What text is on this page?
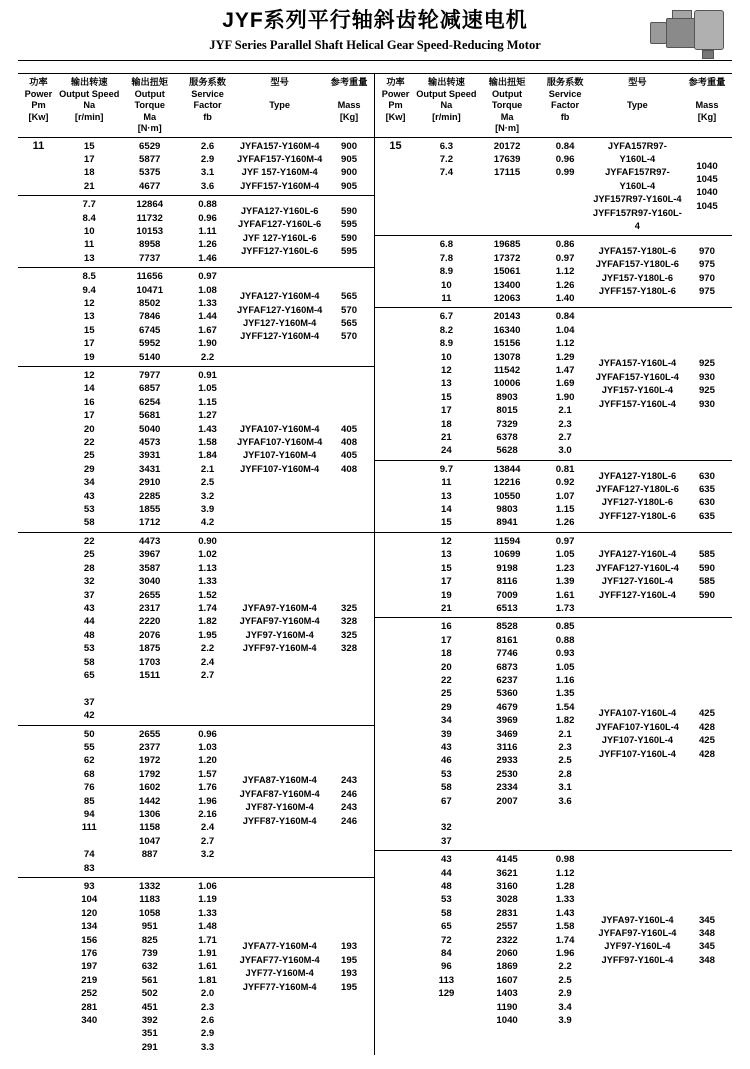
JYF系列平行轴斜齿轮减速电机
JYF Series Parallel Shaft Helical Gear Speed-Reducing Motor
功率
Power
Pm
[Kw]
输出转速
Output Speed
Na
[r/min]
输出扭矩
Output Torque
Ma
[N·m]
服务系数
Service Factor
fb
型号
Type
参考重量
Mass
[Kg]
11	15
17
18
21
6529
5877
5375
4677
2.6
2.9
3.1
3.6
JYFA157-Y160M-4
JYFAF157-Y160M-4
JYF 157-Y160M-4
JYFF157-Y160M-4
900
905
900
905
7.7
8.4
10
11
13
12864
11732
10153
8958
7737
0.88
0.96
1.11
1.26
1.46
JYFA127-Y160L-6
JYFAF127-Y160L-6
JYF 127-Y160L-6
JYFF127-Y160L-6
590
595
590
595
8.5
9.4
12
13
15
17
19
11656
10471
8502
7846
6745
5952
5140
0.97
1.08
1.33
1.44
1.67
1.90
2.2
JYFA127-Y160M-4
JYFAF127-Y160M-4
JYF127-Y160M-4
JYFF127-Y160M-4
565
570
565
570
12
14
16
17
20
22
25
29
34
43
53
58
7977
6857
6254
5681
5040
4573
3931
3431
2910
2285
1855
1712
0.91
1.05
1.15
1.27
1.43
1.58
1.84
2.1
2.5
3.2
3.9
4.2
JYFA107-Y160M-4
JYFAF107-Y160M-4
JYF107-Y160M-4
JYFF107-Y160M-4
405
408
405
408
22
25
28
32
37
43
44
48
53
58
65
37
42
4473
3967
3587
3040
2655
2317
2220
2076
1875
1703
1511
0.90
1.02
1.13
1.33
1.52
1.74
1.82
1.95
2.2
2.4
2.7
JYFA97-Y160M-4
JYFAF97-Y160M-4
JYF97-Y160M-4
JYFF97-Y160M-4
325
328
325
328
50
55
62
68
76
85
94
111
74
83
2655
2377
1972
1792
1602
1442
1306
1158
1047
887
0.96
1.03
1.20
1.57
1.76
1.96
2.16
2.4
2.7
3.2
JYFA87-Y160M-4
JYFAF87-Y160M-4
JYF87-Y160M-4
JYFF87-Y160M-4
243
246
243
246
93
104
120
134
156
176
197
219
252
281
340
1332
1183
1058
951
825
739
632
561
502
451
392
351
291
1.06
1.19
1.33
1.48
1.71
1.91
1.61
1.81
2.0
2.3
2.6
2.9
3.3
JYFA77-Y160M-4
JYFAF77-Y160M-4
JYF77-Y160M-4
JYFF77-Y160M-4
193
195
193
195
功率
Power
Pm
[Kw]
输出转速
Output Speed
Na
[r/min]
输出扭矩
Output Torque
Ma
[N·m]
服务系数
Service Factor
fb
型号
Type
参考重量
Mass
[Kg]
15	6.3
7.2
7.4
20172
17639
17115
0.84
0.96
0.99
JYFA157R97-Y160L-4
JYFAF157R97-Y160L-4
JYF157R97-Y160L-4
JYFF157R97-Y160L-4
1040
1045
1040
1045
6.8
7.8
8.9
10
11
19685
17372
15061
13400
12063
0.86
0.97
1.12
1.26
1.40
JYFA157-Y180L-6
JYFAF157-Y180L-6
JYF157-Y180L-6
JYFF157-Y180L-6
970
975
970
975
6.7
8.2
8.9
10
12
13
15
17
18
21
24
20143
16340
15156
13078
11542
10006
8903
8015
7329
6378
5628
0.84
1.04
1.12
1.29
1.47
1.69
1.90
2.1
2.3
2.7
3.0
JYFA157-Y160L-4
JYFAF157-Y160L-4
JYF157-Y160L-4
JYFF157-Y160L-4
925
930
925
930
9.7
11
13
14
15
13844
12216
10550
9803
8941
0.81
0.92
1.07
1.15
1.26
JYFA127-Y180L-6
JYFAF127-Y180L-6
JYF127-Y180L-6
JYFF127-Y180L-6
630
635
630
635
12
13
15
17
19
21
11594
10699
9198
8116
7009
6513
0.97
1.05
1.23
1.39
1.61
1.73
JYFA127-Y160L-4
JYFAF127-Y160L-4
JYF127-Y160L-4
JYFF127-Y160L-4
585
590
585
590
16
17
18
20
22
25
29
34
39
43
46
53
58
67
32
37
8528
8161
7746
6873
6237
5360
4679
3969
3469
3116
2933
2530
2334
2007
0.85
0.88
0.93
1.05
1.16
1.35
1.54
1.82
2.1
2.3
2.5
2.8
3.1
3.6
JYFA107-Y160L-4
JYFAF107-Y160L-4
JYF107-Y160L-4
JYFF107-Y160L-4
425
428
425
428
43
44
48
53
58
65
72
84
96
113
129
4145
3621
3160
3028
2831
2557
2322
2060
1869
1607
1403
1190
1040
0.98
1.12
1.28
1.33
1.43
1.58
1.74
1.96
2.2
2.5
2.9
3.4
3.9
JYFA97-Y160L-4
JYFAF97-Y160L-4
JYF97-Y160L-4
JYFF97-Y160L-4
345
348
345
348
